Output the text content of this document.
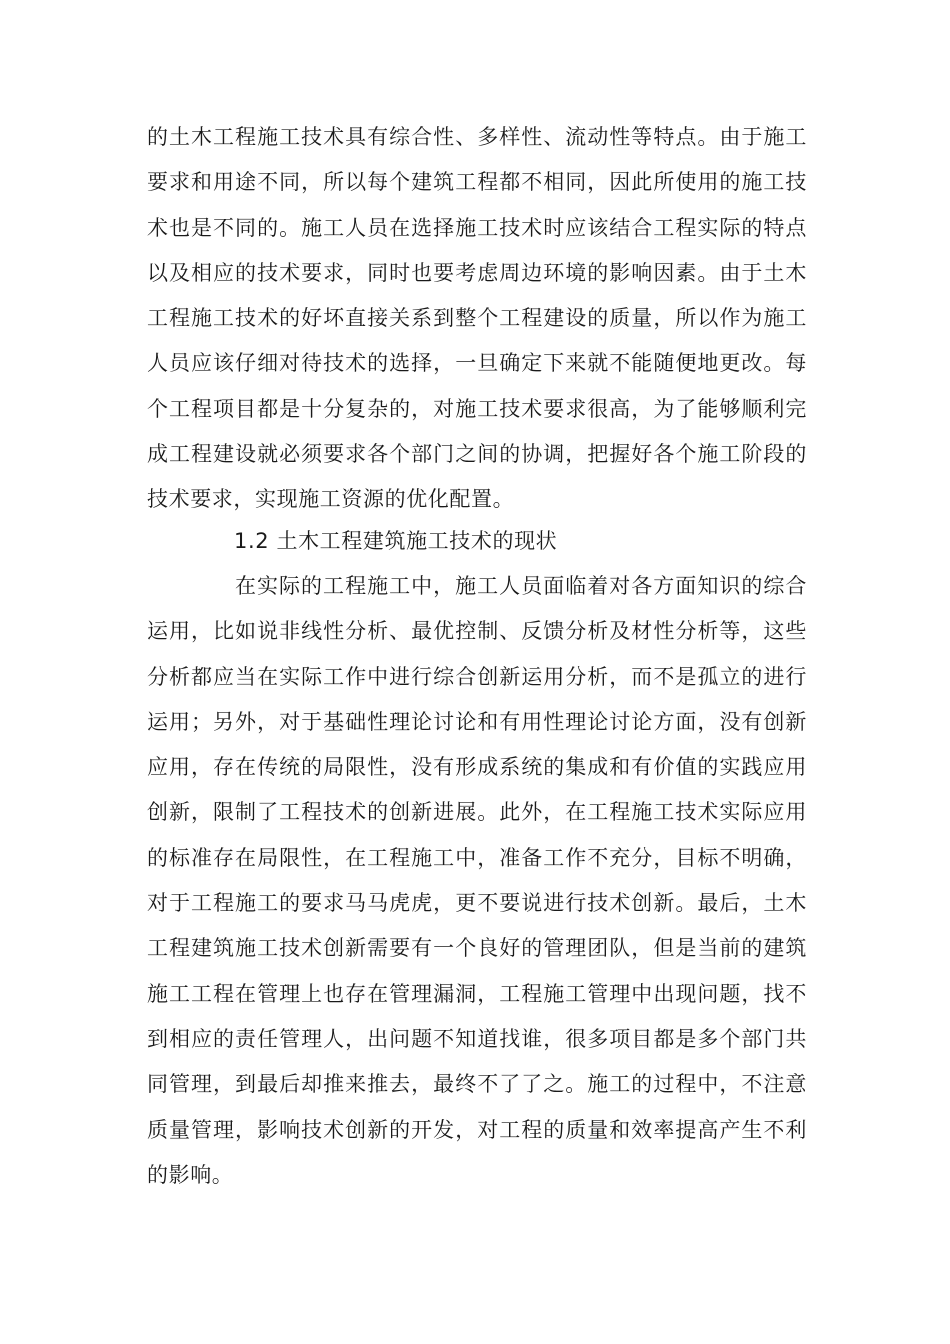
的土木工程施工技术具有综合性、多样性、流动性等特点。由于施工要求和用途不同，所以每个建筑工程都不相同，因此所使用的施工技术也是不同的。施工人员在选择施工技术时应该结合工程实际的特点以及相应的技术要求，同时也要考虑周边环境的影响因素。由于土木工程施工技术的好坏直接关系到整个工程建设的质量，所以作为施工人员应该仔细对待技术的选择，一旦确定下来就不能随便地更改。每个工程项目都是十分复杂的，对施工技术要求很高，为了能够顺利完成工程建设就必须要求各个部门之间的协调，把握好各个施工阶段的技术要求，实现施工资源的优化配置。
1.2 土木工程建筑施工技术的现状
在实际的工程施工中，施工人员面临着对各方面知识的综合运用，比如说非线性分析、最优控制、反馈分析及材性分析等，这些分析都应当在实际工作中进行综合创新运用分析，而不是孤立的进行运用；另外，对于基础性理论讨论和有用性理论讨论方面，没有创新应用，存在传统的局限性，没有形成系统的集成和有价值的实践应用创新，限制了工程技术的创新进展。此外，在工程施工技术实际应用的标准存在局限性，在工程施工中，准备工作不充分，目标不明确，对于工程施工的要求马马虎虎，更不要说进行技术创新。最后，土木工程建筑施工技术创新需要有一个良好的管理团队，但是当前的建筑施工工程在管理上也存在管理漏洞，工程施工管理中出现问题，找不到相应的责任管理人，出问题不知道找谁，很多项目都是多个部门共同管理，到最后却推来推去，最终不了了之。施工的过程中，不注意质量管理，影响技术创新的开发，对工程的质量和效率提高产生不利的影响。
